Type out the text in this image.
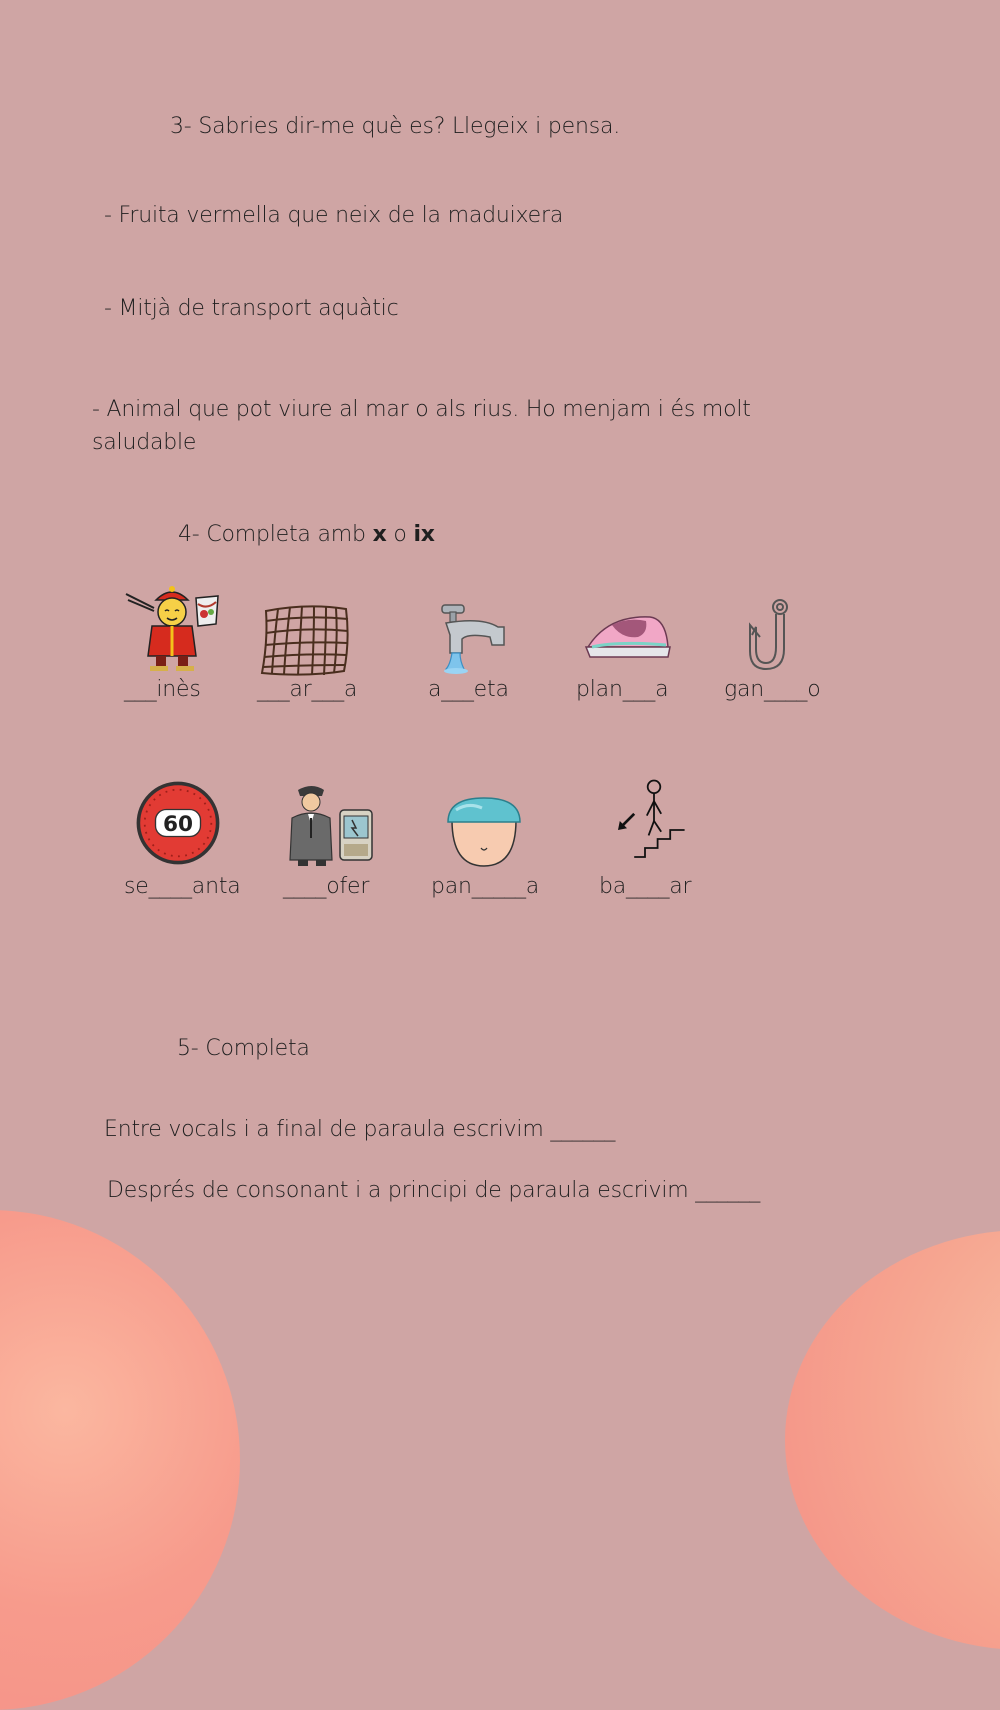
3- Sabries dir-me què es? Llegeix i pensa.
- Fruita vermella que neix de la maduixera
- Mitjà de transport aquàtic
- Animal que pot viure al mar o als rius. Ho menjam i és molt saludable
4- Completa amb x o ix
___inès	___ar___a	a___eta	plan___a	gan____o
60
se____anta ____ofer	pan_____a	ba____ar
5- Completa
Entre vocals i a final de paraula escrivim ______
Després de consonant i a principi de paraula escrivim ______
